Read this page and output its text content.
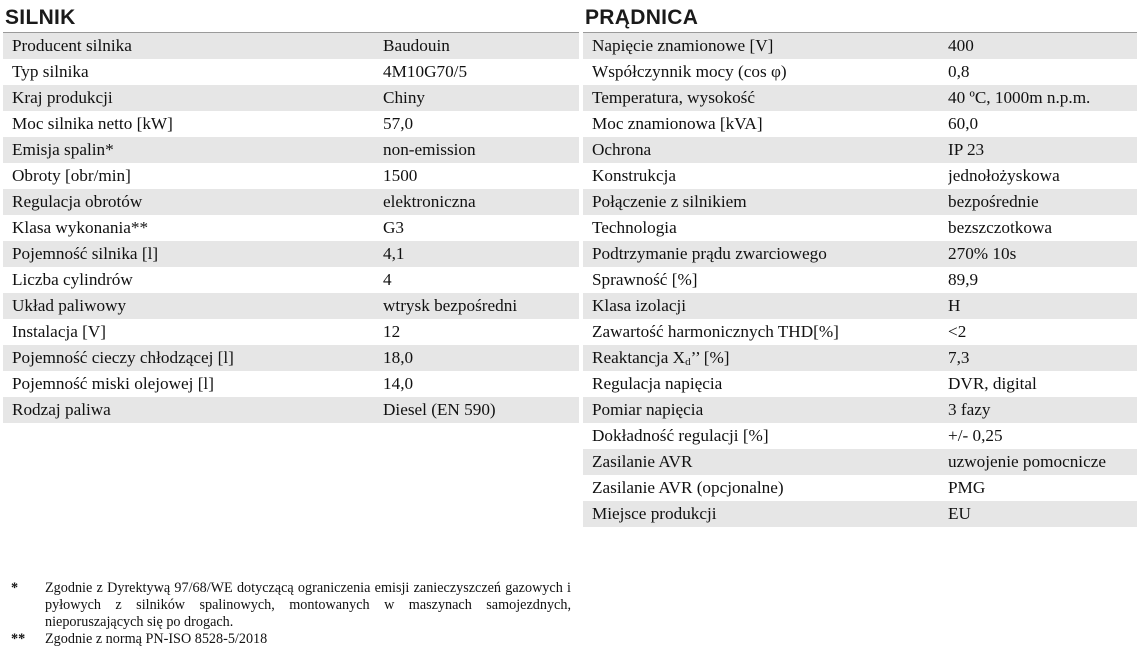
SILNIK
Producent silnika	Baudouin
Typ silnika	4M10G70/5
Kraj produkcji	Chiny
Moc silnika netto [kW]	57,0
Emisja spalin*	non-emission
Obroty [obr/min]	1500
Regulacja obrotów	elektroniczna
Klasa wykonania**	G3
Pojemność silnika [l]	4,1
Liczba cylindrów	4
Układ paliwowy	wtrysk bezpośredni
Instalacja [V]	12
Pojemność cieczy chłodzącej [l]	18,0
Pojemność miski olejowej [l]	14,0
Rodzaj paliwa	Diesel (EN 590)
PRĄDNICA
Napięcie znamionowe [V]	400
Współczynnik mocy (cos φ)	0,8
Temperatura, wysokość	40 ºC, 1000m n.p.m.
Moc znamionowa [kVA]	60,0
Ochrona	IP 23
Konstrukcja	jednołożyskowa
Połączenie z silnikiem	bezpośrednie
Technologia	bezszczotkowa
Podtrzymanie prądu zwarciowego	270% 10s
Sprawność [%]	89,9
Klasa izolacji	H
Zawartość harmonicznych THD[%]	<2
Reaktancja $X_d$’’ [%]	7,3
Regulacja napięcia	DVR, digital
Pomiar napięcia	3 fazy
Dokładność regulacji [%]	+/- 0,25
Zasilanie AVR	uzwojenie pomocnicze
Zasilanie AVR (opcjonalne)	PMG
Miejsce produkcji	EU
*	Zgodnie z Dyrektywą 97/68/WE dotyczącą ograniczenia emisji zanieczyszczeń gazowych i pyłowych z silników spalinowych, montowanych w maszynach samojezdnych, nieporuszających się po drogach.
**	Zgodnie z normą PN-ISO 8528-5/2018
